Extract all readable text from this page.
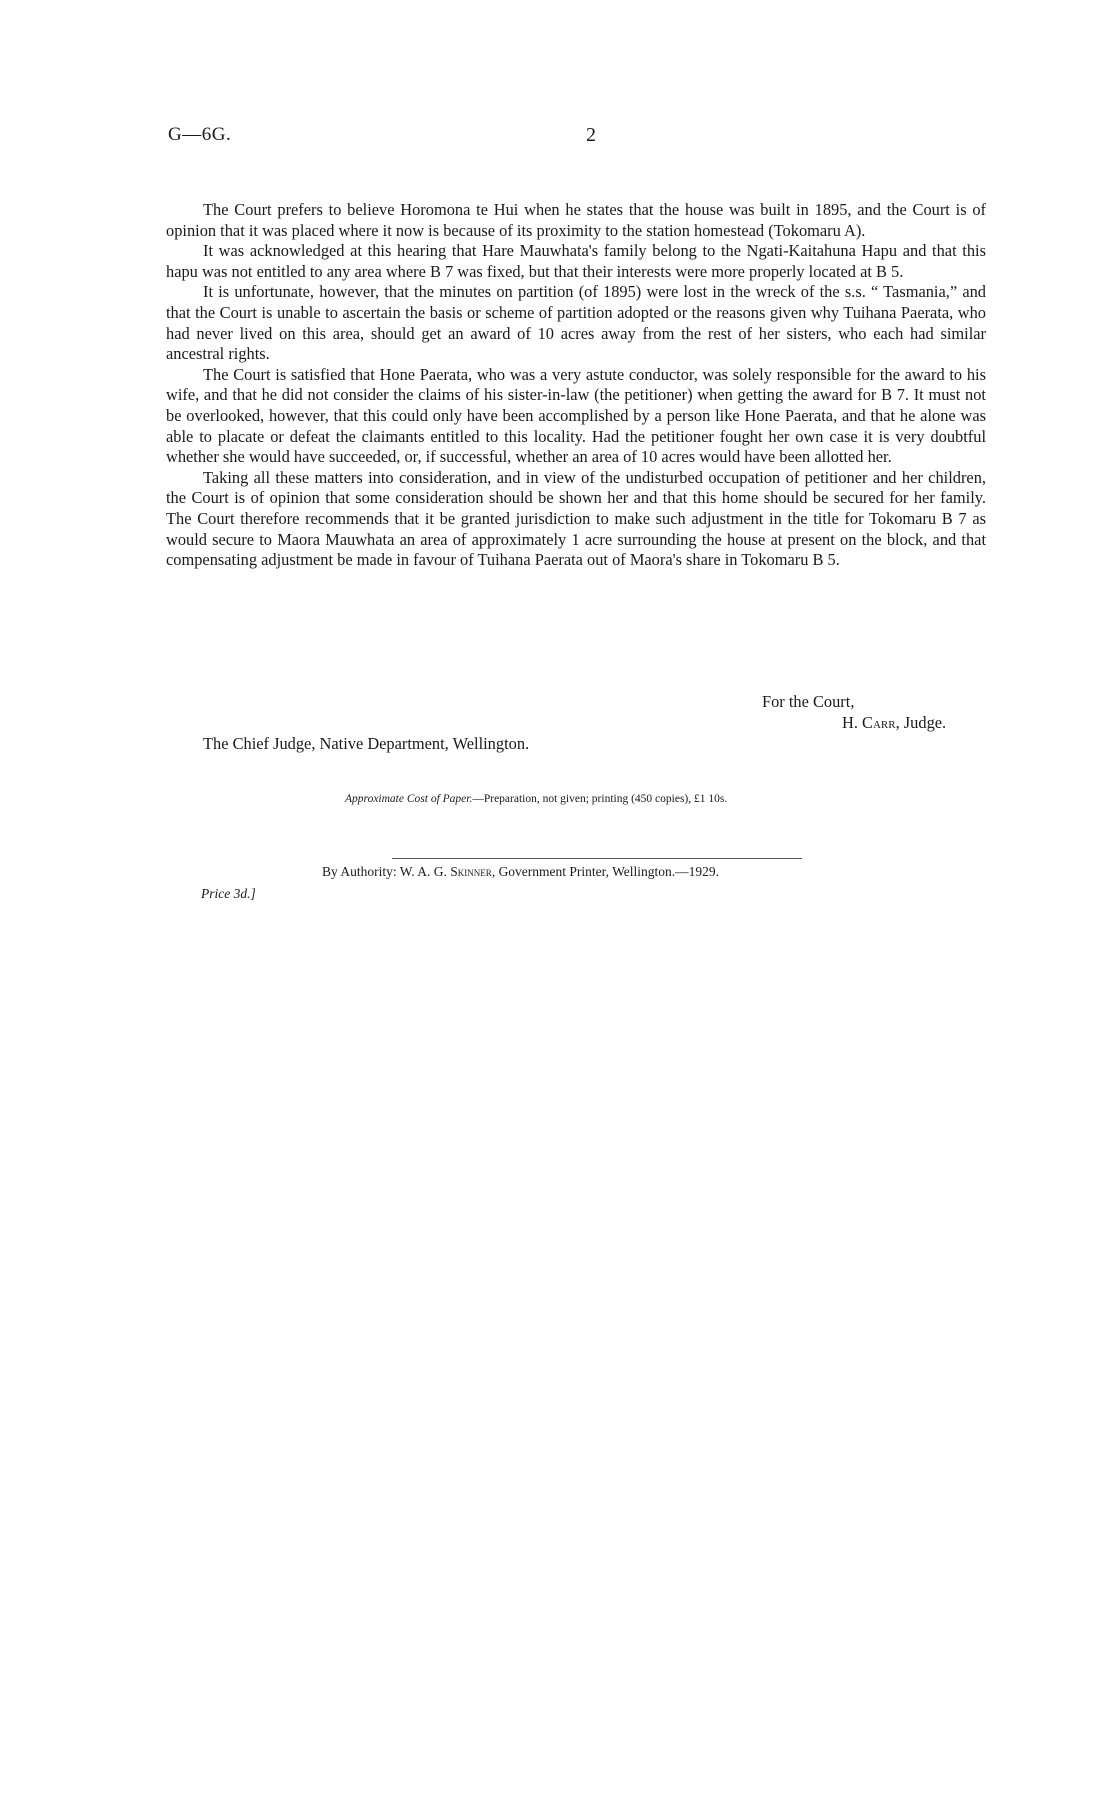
G—6G.	2

The Court prefers to believe Horomona te Hui when he states that the house was built in 1895, and the Court is of opinion that it was placed where it now is because of its proximity to the station homestead (Tokomaru A).

It was acknowledged at this hearing that Hare Mauwhata's family belong to the Ngati-Kaitahuna Hapu and that this hapu was not entitled to any area where B 7 was fixed, but that their interests were more properly located at B 5.

It is unfortunate, however, that the minutes on partition (of 1895) were lost in the wreck of the s.s. “ Tasmania,” and that the Court is unable to ascertain the basis or scheme of partition adopted or the reasons given why Tuihana Paerata, who had never lived on this area, should get an award of 10 acres away from the rest of her sisters, who each had similar ancestral rights.

The Court is satisfied that Hone Paerata, who was a very astute conductor, was solely responsible for the award to his wife, and that he did not consider the claims of his sister-in-law (the petitioner) when getting the award for B 7. It must not be overlooked, however, that this could only have been accomplished by a person like Hone Paerata, and that he alone was able to placate or defeat the claimants entitled to this locality. Had the petitioner fought her own case it is very doubtful whether she would have succeeded, or, if successful, whether an area of 10 acres would have been allotted her.

Taking all these matters into consideration, and in view of the undisturbed occupation of petitioner and her children, the Court is of opinion that some consideration should be shown her and that this home should be secured for her family. The Court therefore recommends that it be granted jurisdiction to make such adjustment in the title for Tokomaru B 7 as would secure to Maora Mauwhata an area of approximately 1 acre surrounding the house at present on the block, and that compensating adjustment be made in favour of Tuihana Paerata out of Maora's share in Tokomaru B 5.

For the Court,
H. Carr, Judge.
The Chief Judge, Native Department, Wellington.
Approximate Cost of Paper.—Preparation, not given; printing (450 copies), £1 10s.
By Authority: W. A. G. Skinner, Government Printer, Wellington.—1929.
Price 3d.]
